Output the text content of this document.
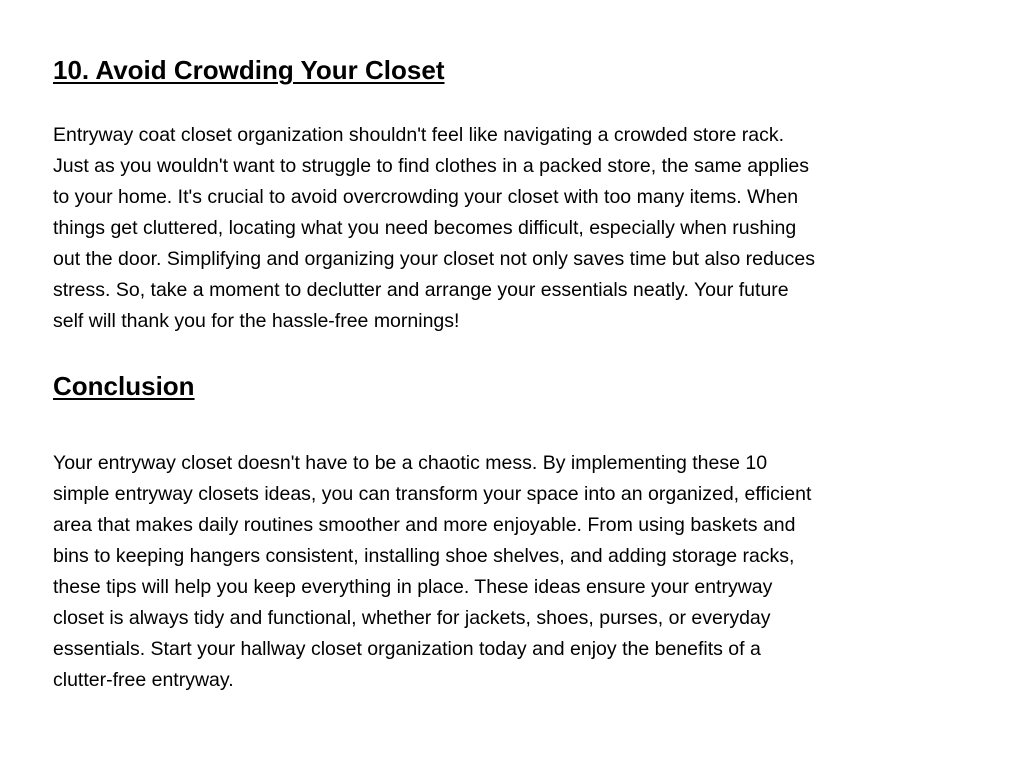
10. Avoid Crowding Your Closet

Entryway coat closet organization shouldn't feel like navigating a crowded store rack.
Just as you wouldn't want to struggle to find clothes in a packed store, the same applies
to your home. It's crucial to avoid overcrowding your closet with too many items. When
things get cluttered, locating what you need becomes difficult, especially when rushing
out the door. Simplifying and organizing your closet not only saves time but also reduces
stress. So, take a moment to declutter and arrange your essentials neatly. Your future
self will thank you for the hassle-free mornings!

Conclusion

Your entryway closet doesn't have to be a chaotic mess. By implementing these 10
simple entryway closets ideas, you can transform your space into an organized, efficient
area that makes daily routines smoother and more enjoyable. From using baskets and
bins to keeping hangers consistent, installing shoe shelves, and adding storage racks,
these tips will help you keep everything in place. These ideas ensure your entryway
closet is always tidy and functional, whether for jackets, shoes, purses, or everyday
essentials. Start your hallway closet organization today and enjoy the benefits of a
clutter-free entryway.
